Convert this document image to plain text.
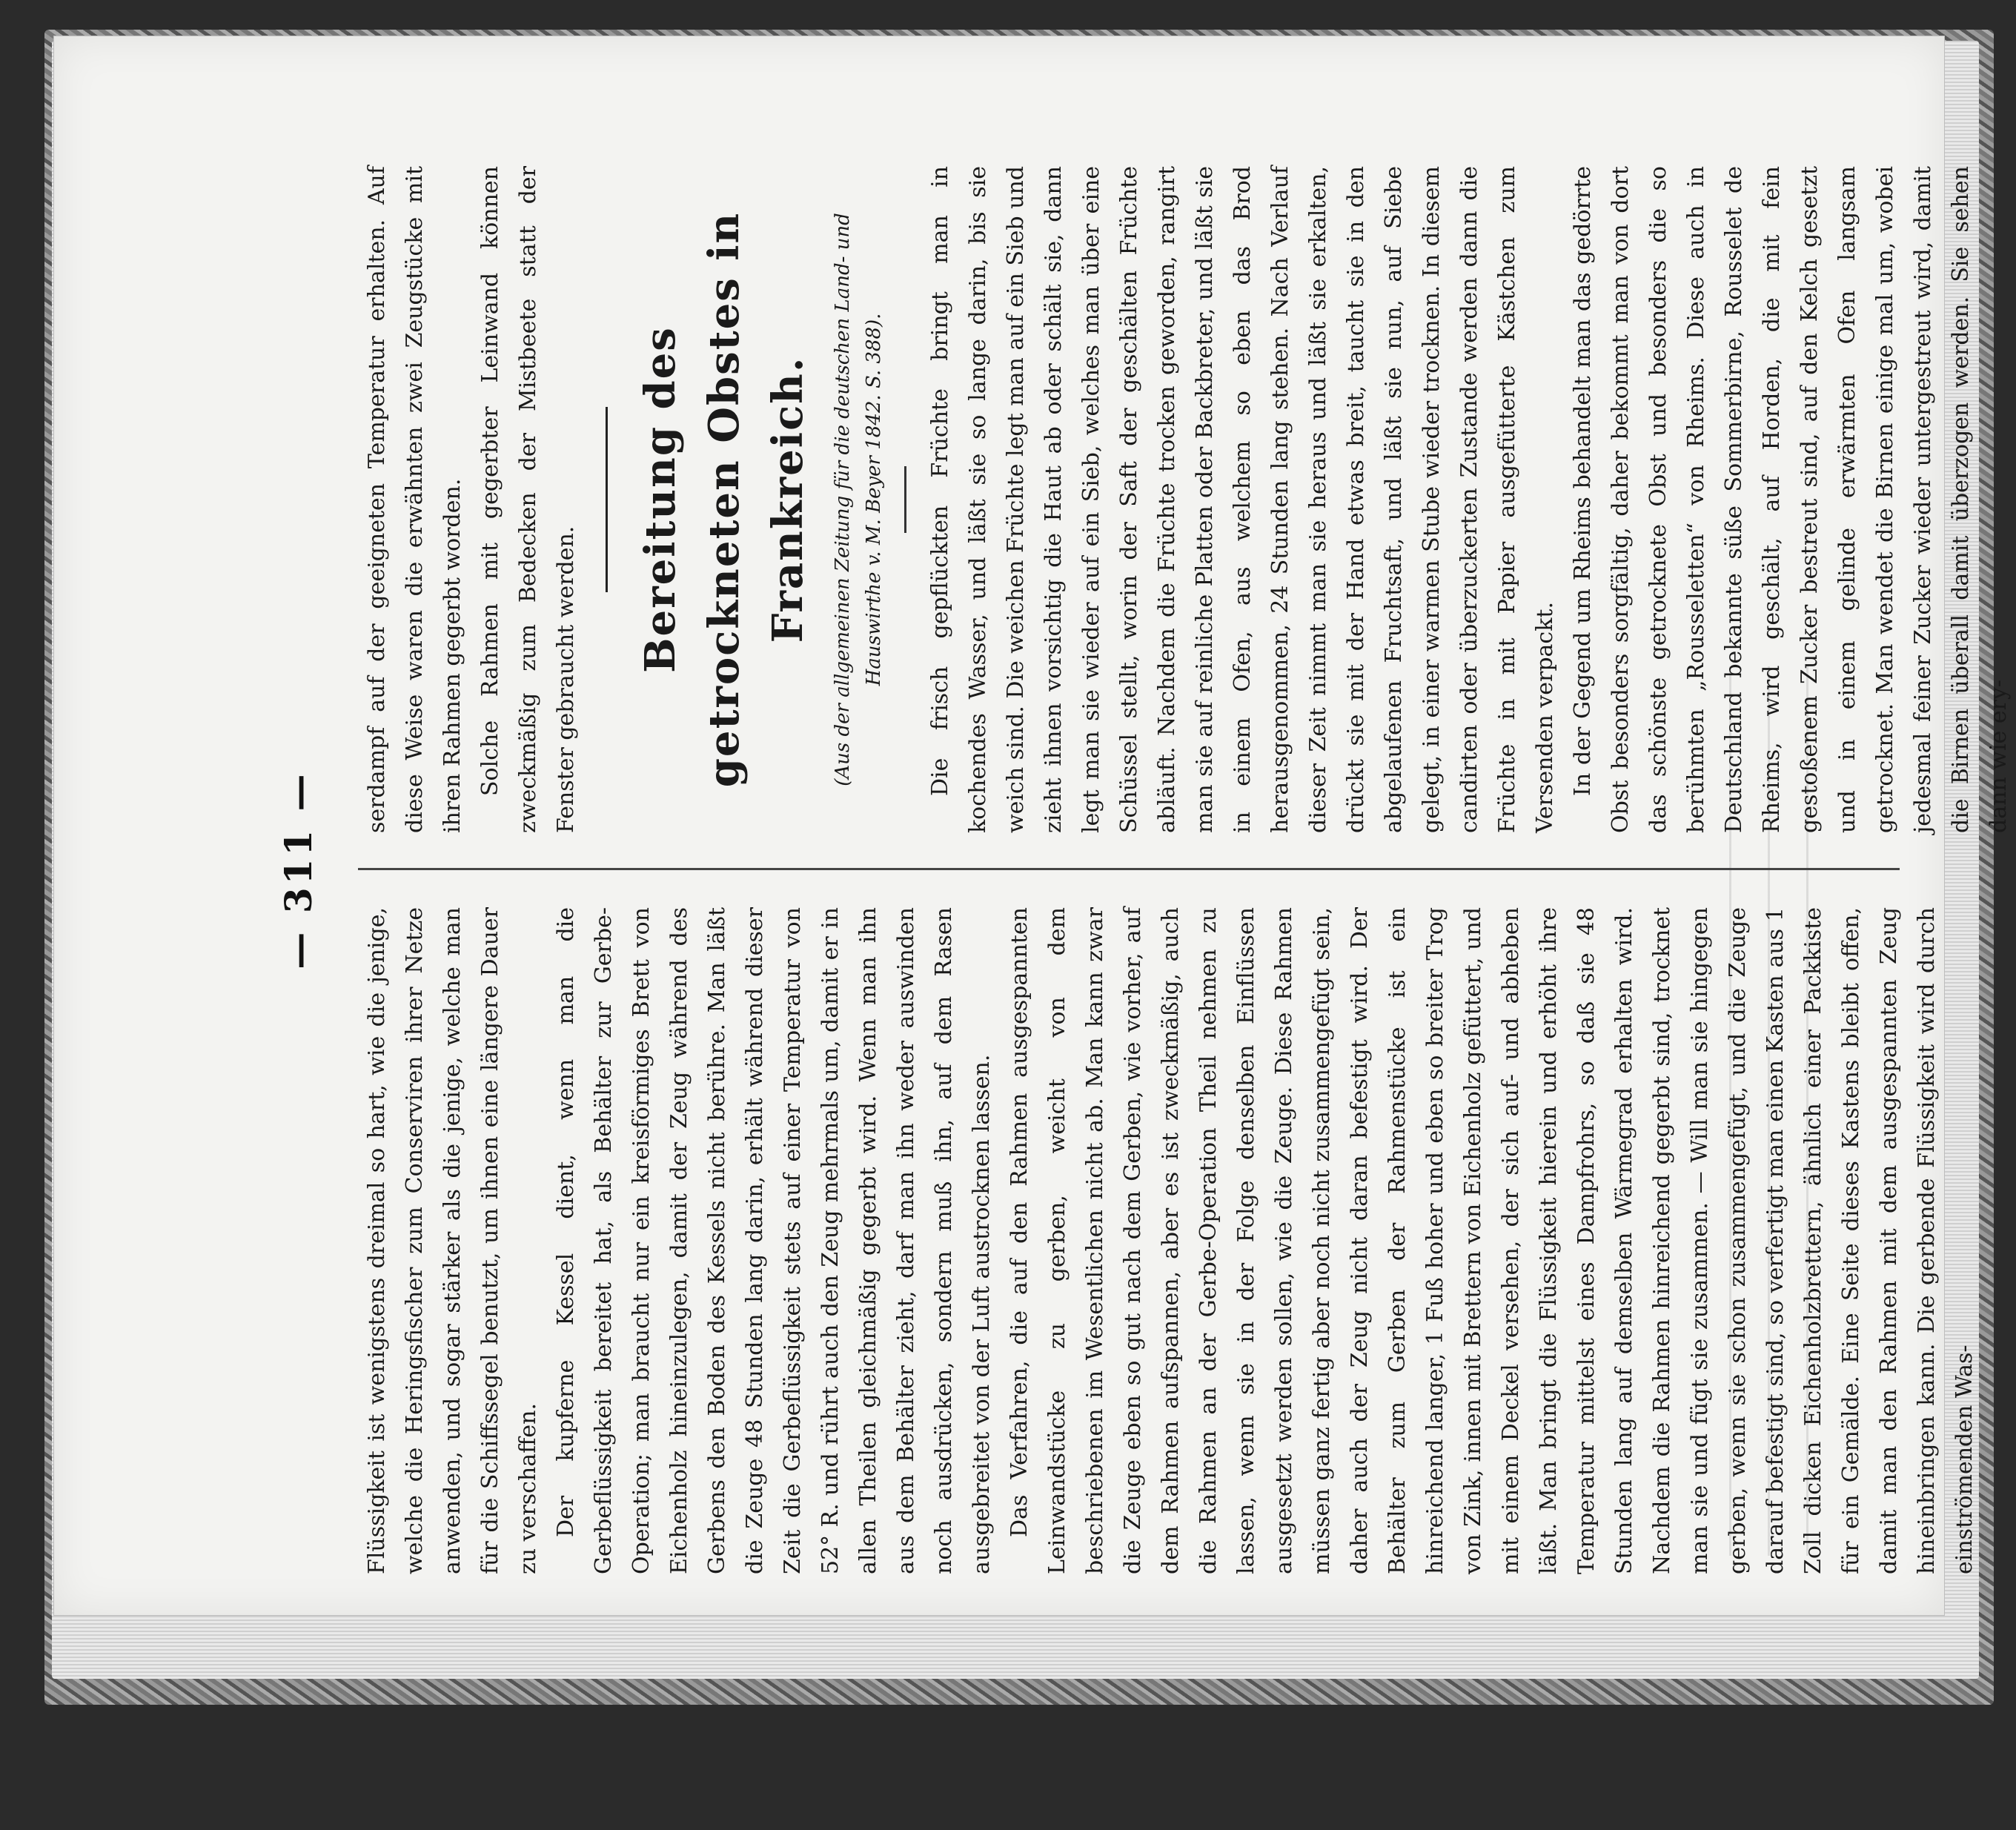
— 311 —

Flüssigkeit ist wenigstens dreimal so hart, wie die jenige, welche die Heringsfischer zum Conserviren ihrer Netze anwenden, und sogar stärker als die jenige, welche man für die Schiffssegel benutzt, um ihnen eine längere Dauer zu verschaffen. Der kupferne Kessel dient, wenn man die Gerbeflüssigkeit bereitet hat, als Behälter zur Gerbe-Operation; man braucht nur ein kreisförmiges Brett von Eichenholz hineinzulegen, damit der Zeug während des Gerbens den Boden des Kessels nicht berühre. Man läßt die Zeuge 48 Stunden lang darin, erhält während dieser Zeit die Gerbeflüssigkeit stets auf einer Temperatur von 52° R. und rührt auch den Zeug mehrmals um, damit er in allen Theilen gleichmäßig gegerbt wird. Wenn man ihn aus dem Behälter zieht, darf man ihn weder auswinden noch ausdrücken, sondern muß ihn, auf dem Rasen ausgebreitet von der Luft austrocknen lassen. Das Verfahren, die auf den Rahmen ausgespannten Leinwandstücke zu gerben, weicht von dem beschriebenen im Wesentlichen nicht ab. Man kann zwar die Zeuge eben so gut nach dem Gerben, wie vorher, auf dem Rahmen aufspannen, aber es ist zweckmäßig, auch die Rahmen an der Gerbe-Operation Theil nehmen zu lassen, wenn sie in der Folge denselben Einflüssen ausgesetzt werden sollen, wie die Zeuge. Diese Rahmen müssen ganz fertig aber noch nicht zusammengefügt sein, daher auch der Zeug nicht daran befestigt wird. Der Behälter zum Gerben der Rahmenstücke ist ein hinreichend langer, 1 Fuß hoher und eben so breiter Trog von Zink, innen mit Brettern von Eichenholz gefüttert, und mit einem Deckel versehen, der sich auf- und abheben läßt. Man bringt die Flüssigkeit hierein und erhöht ihre Temperatur mittelst eines Dampfrohrs, so daß sie 48 Stunden lang auf demselben Wärmegrad erhalten wird. Nachdem die Rahmen hinreichend gegerbt sind, trocknet man sie und fügt sie zusammen. — Will man sie hingegen gerben, wenn sie schon zusammengefügt, und die Zeuge darauf befestigt sind, so verfertigt man einen Kasten aus 1 Zoll dicken Eichenholzbrettern, ähnlich einer Packkiste für ein Gemälde. Eine Seite dieses Kastens bleibt offen, damit man den Rahmen mit dem ausgespannten Zeug hineinbringen kann. Die gerbende Flüssigkeit wird durch einströmenden Was-

serdampf auf der geeigneten Temperatur erhalten. Auf diese Weise waren die erwähnten zwei Zeugstücke mit ihren Rahmen gegerbt worden. Solche Rahmen mit gegerbter Leinwand können zweckmäßig zum Bedecken der Mistbeete statt der Fenster gebraucht werden.

Bereitung des getrockneten Obstes in Frankreich.	(Aus der allgemeinen Zeitung für die deutschen Land- und Hauswirthe v. M. Beyer 1842. S. 388). Die frisch gepflückten Früchte bringt man in kochendes Wasser, und läßt sie so lange darin, bis sie weich sind. Die weichen Früchte legt man auf ein Sieb und zieht ihnen vorsichtig die Haut ab oder schält sie, dann legt man sie wieder auf ein Sieb, welches man über eine Schüssel stellt, worin der Saft der geschälten Früchte abläuft. Nachdem die Früchte trocken geworden, rangirt man sie auf reinliche Platten oder Backbreter, und läßt sie in einem Ofen, aus welchem so eben das Brod herausgenommen, 24 Stunden lang stehen. Nach Verlauf dieser Zeit nimmt man sie heraus und läßt sie erkalten, drückt sie mit der Hand etwas breit, taucht sie in den abgelaufenen Fruchtsaft, und läßt sie nun, auf Siebe gelegt, in einer warmen Stube wieder trocknen. In diesem candirten oder überzuckerten Zustande werden dann die Früchte in mit Papier ausgefütterte Kästchen zum Versenden verpackt. In der Gegend um Rheims behandelt man das gedörrte Obst besonders sorgfältig, daher bekommt man von dort das schönste getrocknete Obst und besonders die so berühmten „Rousseletten“ von Rheims. Diese auch in Deutschland bekannte süße Sommerbirne, Rousselet de Rheims, wird geschält, auf Horden, die mit fein gestoßenem Zucker bestreut sind, auf den Kelch gesetzt und in einem gelinde erwärmten Ofen langsam getrocknet. Man wendet die Birnen einige mal um, wobei jedesmal feiner Zucker wieder untergestreut wird, damit die Birnen überall damit überzogen werden. Sie sehen dann wie ery-
